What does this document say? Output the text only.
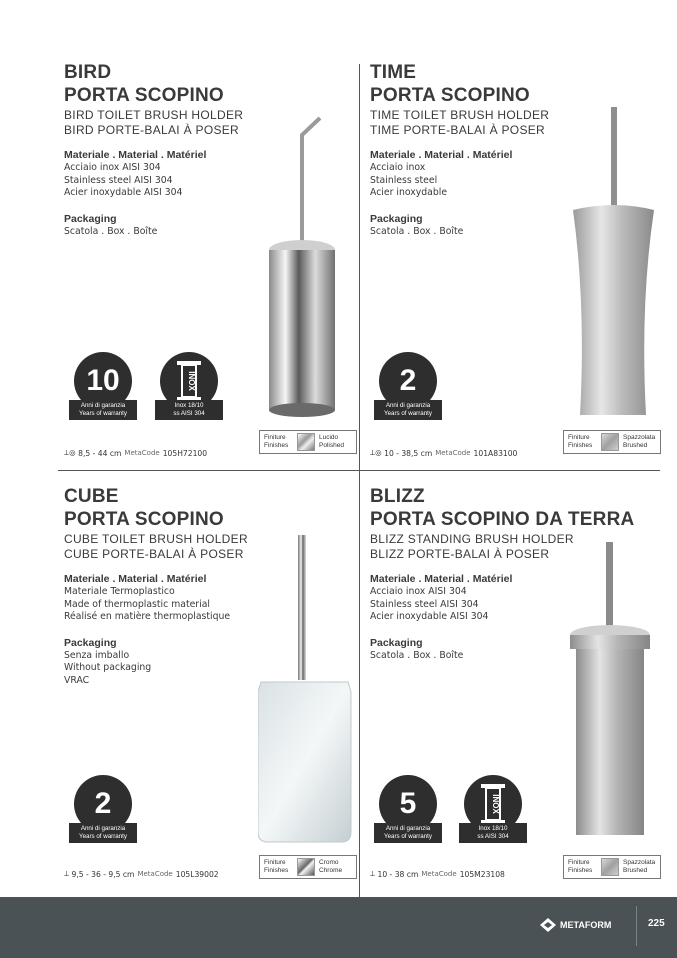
BIRD
PORTA SCOPINO
BIRD TOILET BRUSH HOLDER
BIRD PORTE-BALAI À POSER
Materiale . Material . Matériel
Acciaio inox AISI 304
Stainless steel AISI 304
Acier inoxydable AISI 304
Packaging
Scatola . Box . Boîte
10
Anni di garanzia
Years of warranty
INOX
Inox 18/10
ss AISI 304
Finiture
Finishes
Lucido
Polished
⟂◎ 8,5 - 44 cm MetaCode 105H72100
TIME
PORTA SCOPINO
TIME TOILET BRUSH HOLDER
TIME PORTE-BALAI À POSER
Materiale . Material . Matériel
Acciaio inox
Stainless steel
Acier inoxydable
Packaging
Scatola . Box . Boîte
2
Anni di garanzia
Years of warranty
Finiture
Finishes
Spazzolata
Brushed
⟂◎ 10 - 38,5 cm MetaCode 101A83100
CUBE
PORTA SCOPINO
CUBE TOILET BRUSH HOLDER
CUBE PORTE-BALAI À POSER
Materiale . Material . Matériel
Materiale Termoplastico
Made of thermoplastic material
Réalisé en matière thermoplastique
Packaging
Senza imballo
Without packaging
VRAC
2
Anni di garanzia
Years of warranty
Finiture
Finishes
Cromo
Chrome
⟂ 9,5 - 36 - 9,5 cm MetaCode 105L39002
BLIZZ
PORTA SCOPINO DA TERRA
BLIZZ STANDING BRUSH HOLDER
BLIZZ PORTE-BALAI À POSER
Materiale . Material . Matériel
Acciaio inox AISI 304
Stainless steel AISI 304
Acier inoxydable AISI 304
Packaging
Scatola . Box . Boîte
5
Anni di garanzia
Years of warranty
INOX
Inox 18/10
ss AISI 304
Finiture
Finishes
Spazzolata
Brushed
⟂ 10 - 38 cm MetaCode 105M23108
METAFORM	225
